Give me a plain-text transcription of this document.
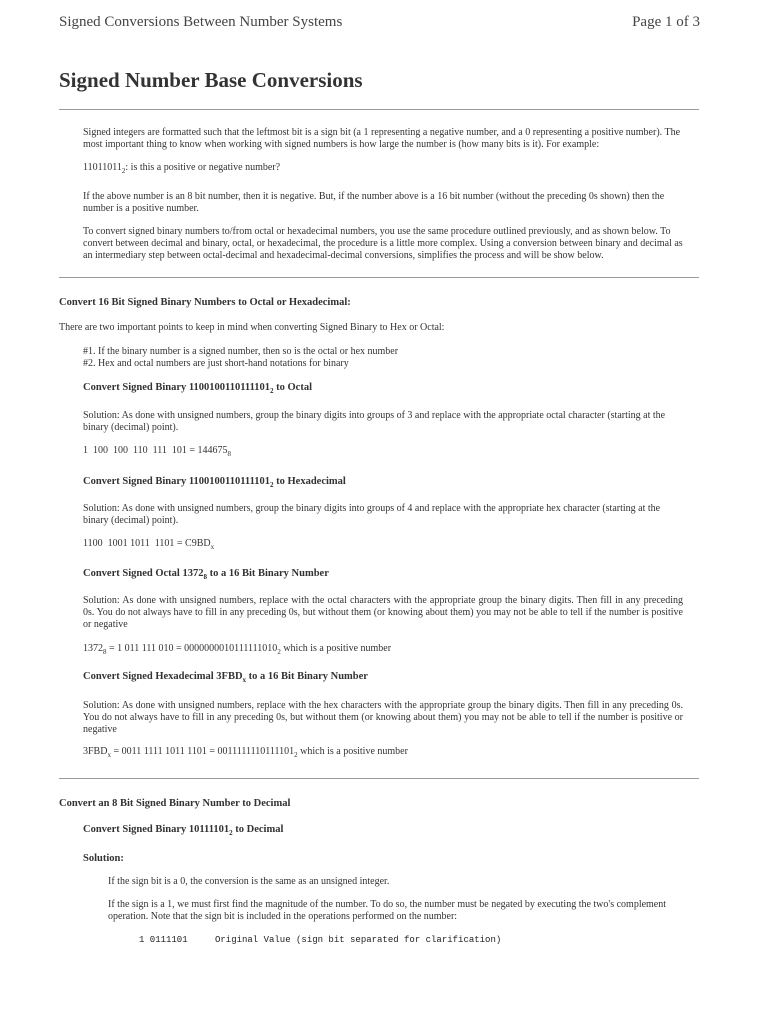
Signed Conversions Between Number Systems	Page 1 of 3
Signed Number Base Conversions

Signed integers are formatted such that the leftmost bit is a sign bit (a 1 representing a negative number, and a 0 representing a positive number). The most important thing to know when working with signed numbers is how large the number is (how many bits is it). For example:

$11011011_2$: is this a positive or negative number?

If the above number is an 8 bit number, then it is negative. But, if the number above is a 16 bit number (without the preceding 0s shown) then the number is a positive number.

To convert signed binary numbers to/from octal or hexadecimal numbers, you use the same procedure outlined previously, and as shown below. To convert between decimal and binary, octal, or hexadecimal, the procedure is a little more complex. Using a conversion between binary and decimal as an intermediary step between octal-decimal and hexadecimal-decimal conversions, simplifies the process and will be show below.

Convert 16 Bit Signed Binary Numbers to Octal or Hexadecimal:

There are two important points to keep in mind when converting Signed Binary to Hex or Octal:

#1. If the binary number is a signed number, then so is the octal or hex number

#2. Hex and octal numbers are just short-hand notations for binary

Convert Signed Binary $1100100110111101_2$ to Octal

Solution: As done with unsigned numbers, group the binary digits into groups of 3 and replace with the appropriate octal character (starting at the binary (decimal) point).

1  100  100  110  111  $101 = 144675_8$

Convert Signed Binary $1100100110111101_2$ to Hexadecimal

Solution: As done with unsigned numbers, group the binary digits into groups of 4 and replace with the appropriate hex character (starting at the binary (decimal) point).

1100  1001 1011  $1101 = C9BD_x$

Convert Signed Octal $1372_8$ to a 16 Bit Binary Number

Solution: As done with unsigned numbers, replace with the octal characters with the appropriate group the binary digits. Then fill in any preceding 0s. You do not always have to fill in any preceding 0s, but without them (or knowing about them) you may not be able to tell if the number is positive or negative

$1372_8 = 1$ 011 111 $010 = 0000000010111111010_2$ which is a positive number

Convert Signed Hexadecimal $3FBD_x$ to a 16 Bit Binary Number

Solution: As done with unsigned numbers, replace with the hex characters with the appropriate group the binary digits. Then fill in any preceding 0s. You do not always have to fill in any preceding 0s, but without them (or knowing about them) you may not be able to tell if the number is positive or negative

$3FBD_x = 0011$ 1111 1011 $1101 = 0011111110111101_2$ which is a positive number

Convert an 8 Bit Signed Binary Number to Decimal

Convert Signed Binary $10111101_2$ to Decimal

Solution:

If the sign bit is a 0, the conversion is the same as an unsigned integer.

If the sign is a 1, we must first find the magnitude of the number. To do so, the number must be negated by executing the two's complement operation. Note that the sign bit is included in the operations performed on the number:

1 0111101	Original Value (sign bit separated for clarification)
